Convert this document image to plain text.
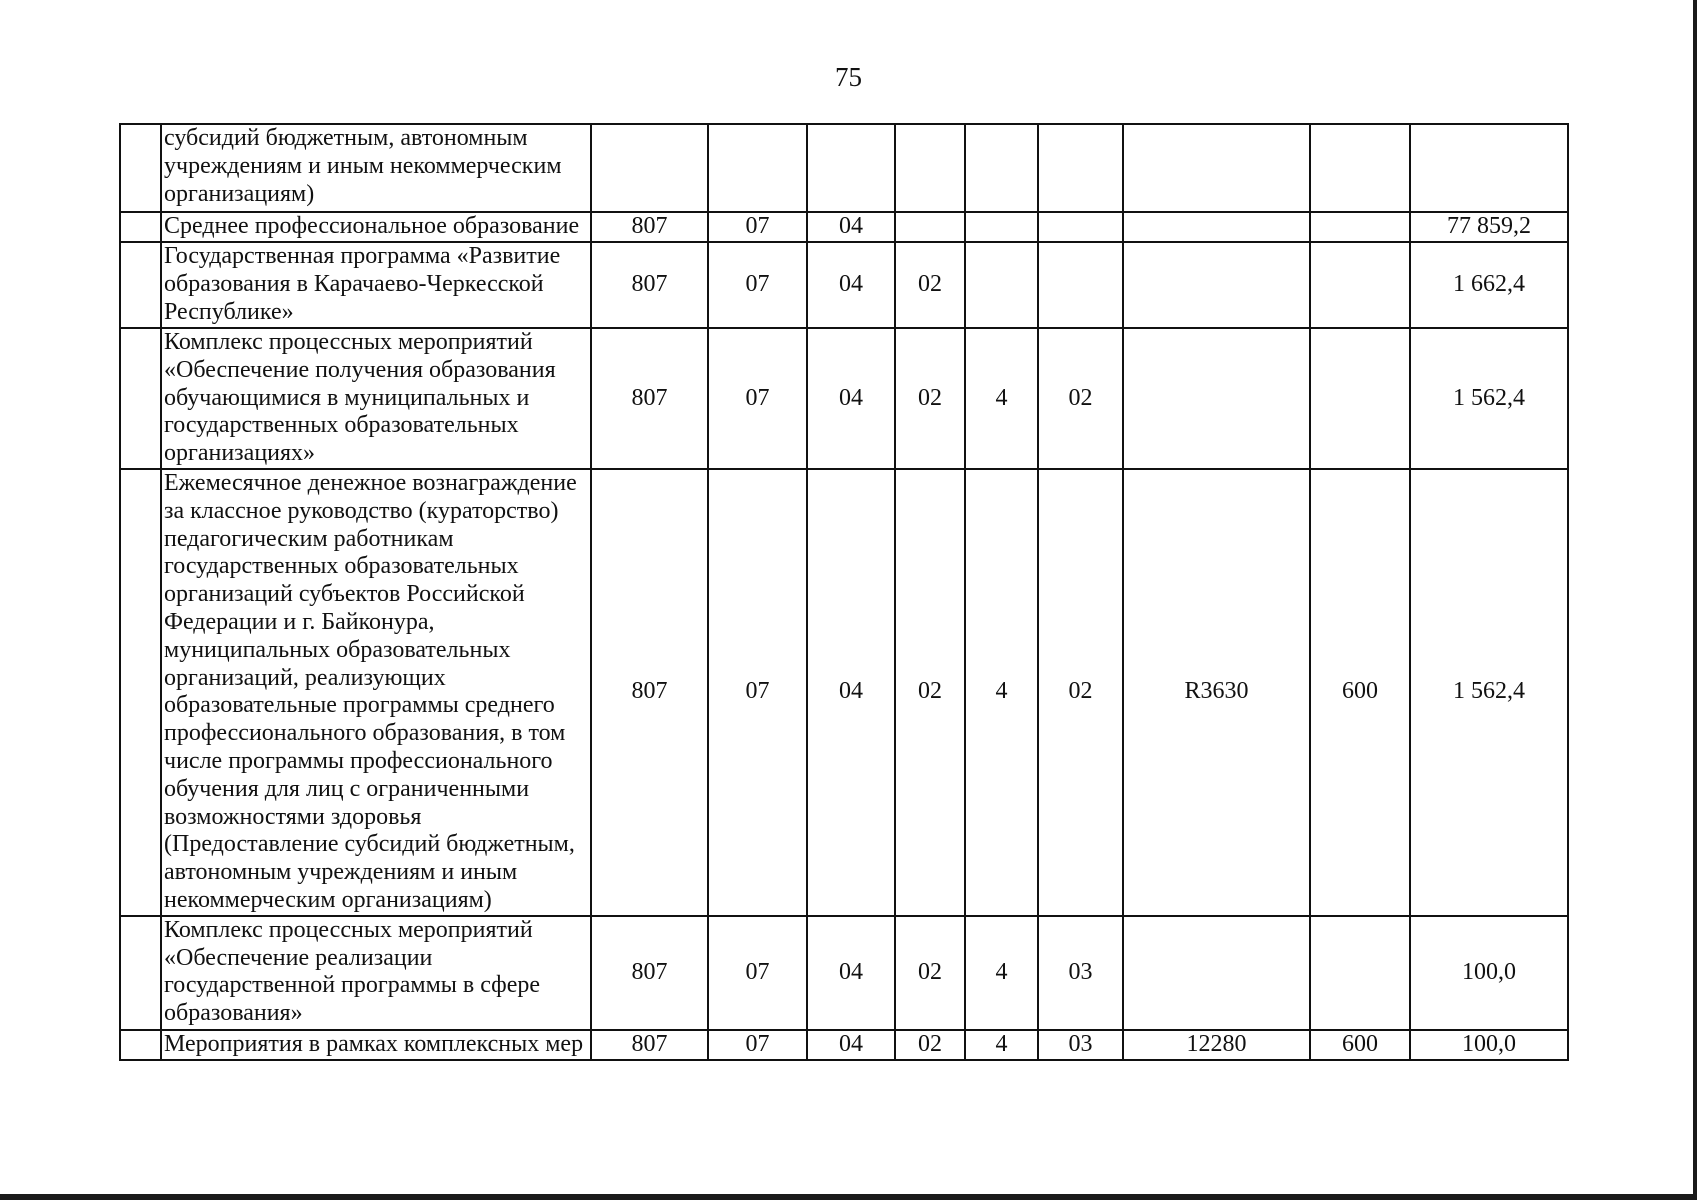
75
	субсидий бюджетным, автономным учреждениям и иным некоммерческим организациям)									
	Среднее профессиональное образование	807	07	04						77 859,2
	Государственная программа «Развитие образования в Карачаево-Черкесской Республике»	807	07	04	02					1 662,4
	Комплекс процессных мероприятий «Обеспечение получения образования обучающимися в муниципальных и государственных образовательных организациях»	807	07	04	02	4	02			1 562,4
	Ежемесячное денежное вознаграждение за классное руководство (кураторство) педагогическим работникам государственных образовательных организаций субъектов Российской Федерации и г. Байконура, муниципальных образовательных организаций, реализующих образовательные программы среднего профессионального образования, в том числе программы профессионального обучения для лиц с ограниченными возможностями здоровья (Предоставление субсидий бюджетным, автономным учреждениям и иным некоммерческим организациям)	807	07	04	02	4	02	R3630	600	1 562,4
	Комплекс процессных мероприятий «Обеспечение реализации государственной программы в сфере образования»	807	07	04	02	4	03			100,0
	Мероприятия в рамках комплексных мер	807	07	04	02	4	03	12280	600	100,0
